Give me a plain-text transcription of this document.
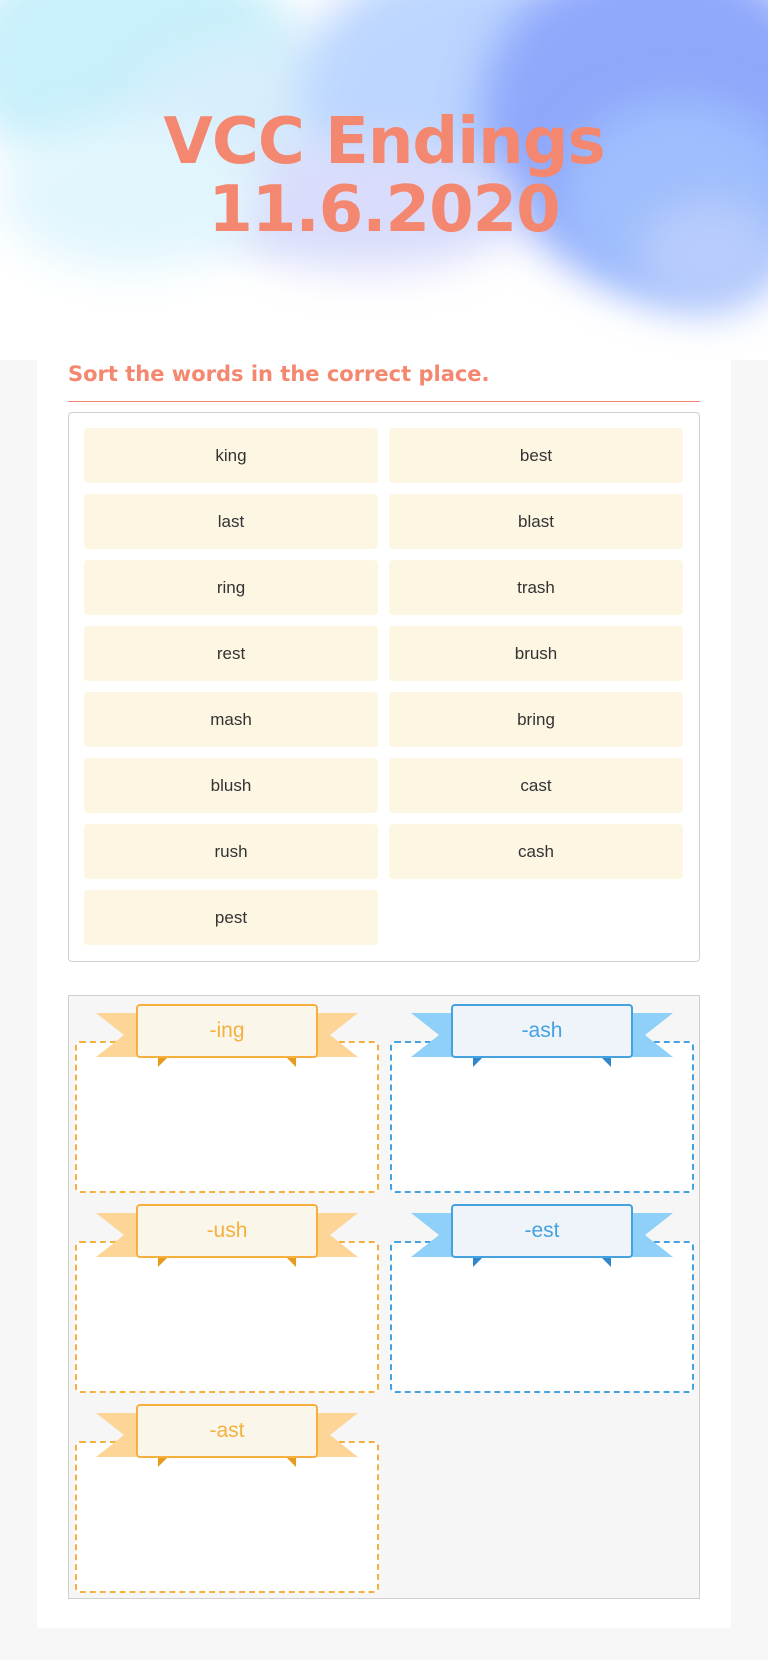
VCC Endings
11.6.2020
Sort the words in the correct place.
king	best
last	blast
ring	trash
rest	brush
mash	bring
blush	cast
rush	cash
pest
-ing	-ash
-ush	-est
-ast
